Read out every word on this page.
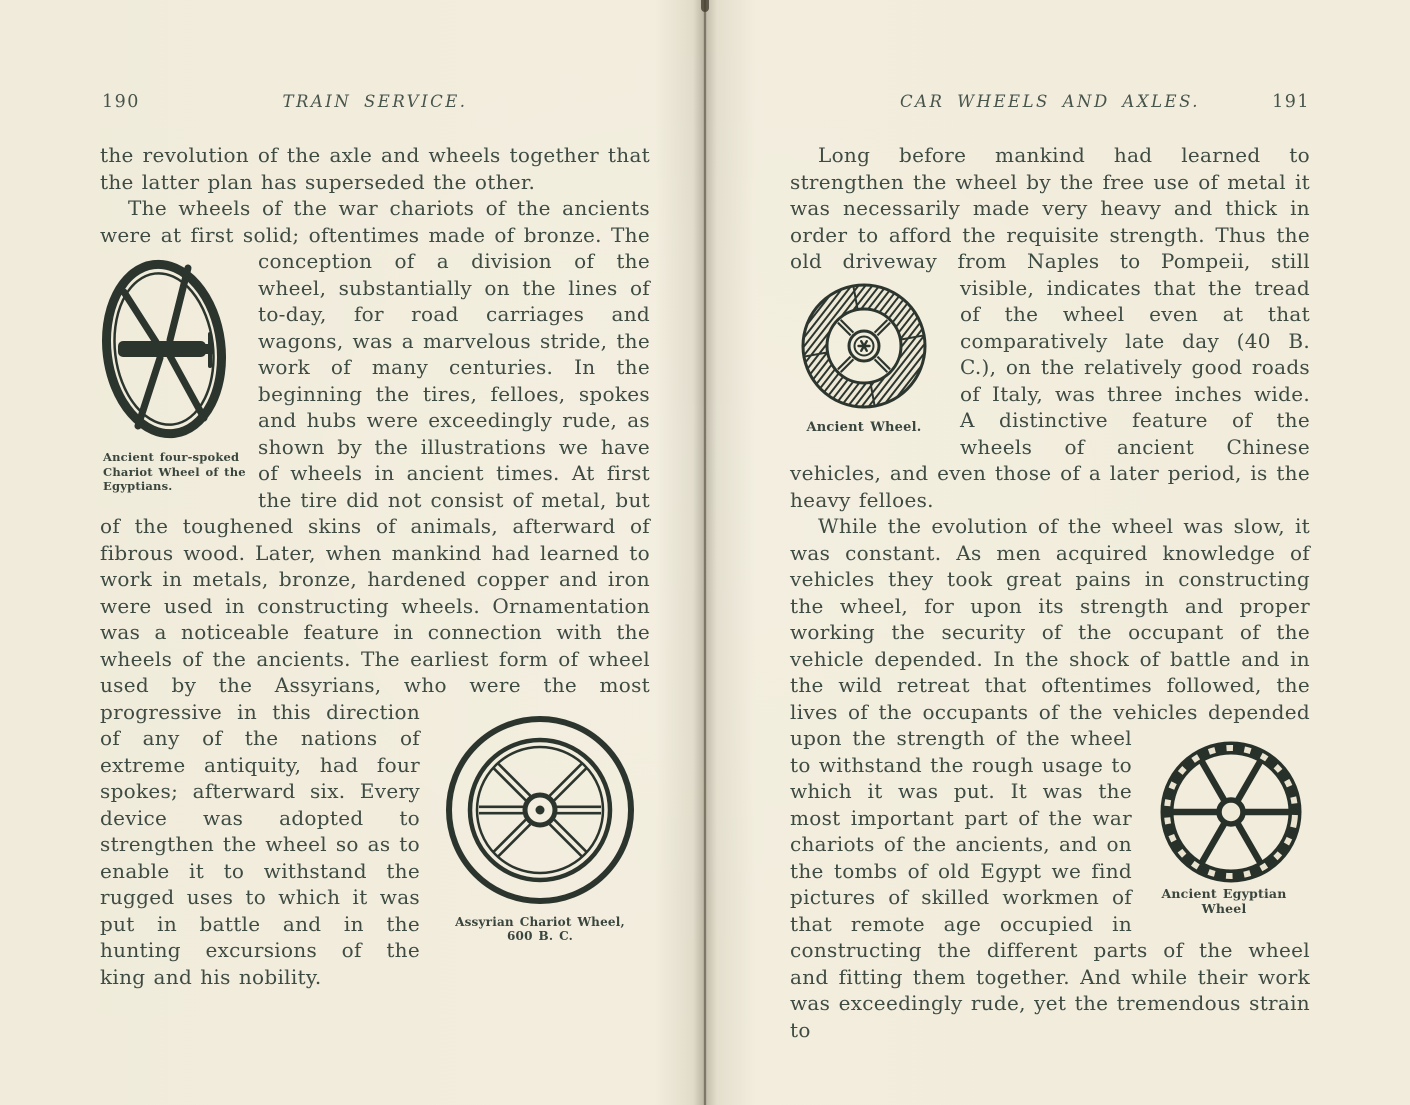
190	TRAIN SERVICE.

the revolution of the axle and wheels together that the latter plan has superseded the other.

The wheels of the war chariots of the ancients were at first solid; oftentimes made of bronze.
Ancient four-spoked Chariot Wheel of the Egyptians.
The conception of a division of the wheel, substantially on the lines of to-day, for road carriages and wagons, was a marvelous stride, the work of many centuries. In the beginning the tires, felloes, spokes and hubs were exceedingly rude, as shown by the illustrations we have of wheels in ancient times. At first the tire did not consist of metal, but of the toughened skins of animals, afterward of fibrous wood. Later, when mankind had learned to work in metals, bronze, hardened copper and iron were used in constructing wheels. Ornamentation was a noticeable feature in connection with the wheels of the ancients. The earliest form of wheel used by the Assyrians, who were the most progressive
Assyrian Chariot Wheel,
600 B. C.
in this direction of any of the nations of extreme antiquity, had four spokes; afterward six. Every device was adopted to strengthen the wheel so as to enable it to withstand the rugged uses to which it was put in battle and in the hunting excursions of the king and his nobility.

CAR WHEELS AND AXLES.	191

Long before mankind had learned to strengthen the wheel by the free use of metal it was necessarily made very heavy and thick in order to afford the requisite strength. Thus the old driveway from Naples to Pompeii, still visible, indicates
Ancient Wheel.
that the tread of the wheel even at that comparatively late day (40 B. C.), on the relatively good roads of Italy, was three inches wide. A distinctive feature of the wheels of ancient Chinese vehicles, and even those of a later period, is the heavy felloes.

While the evolution of the wheel was slow, it was constant. As men acquired knowledge of vehicles they took great pains in constructing the wheel, for upon its strength and proper working the security of the occupant of the vehicle depended. In the shock of battle and in the wild retreat that oftentimes followed, the lives of the occupants of the vehicles depended upon the
Ancient Egyptian Wheel
strength of the wheel to withstand the rough usage to which it was put. It was the most important part of the war chariots of the ancients, and on the tombs of old Egypt we find pictures of skilled workmen of that remote age occupied in constructing the different parts of the wheel and fitting them together. And while their work was exceedingly rude, yet the tremendous strain to
